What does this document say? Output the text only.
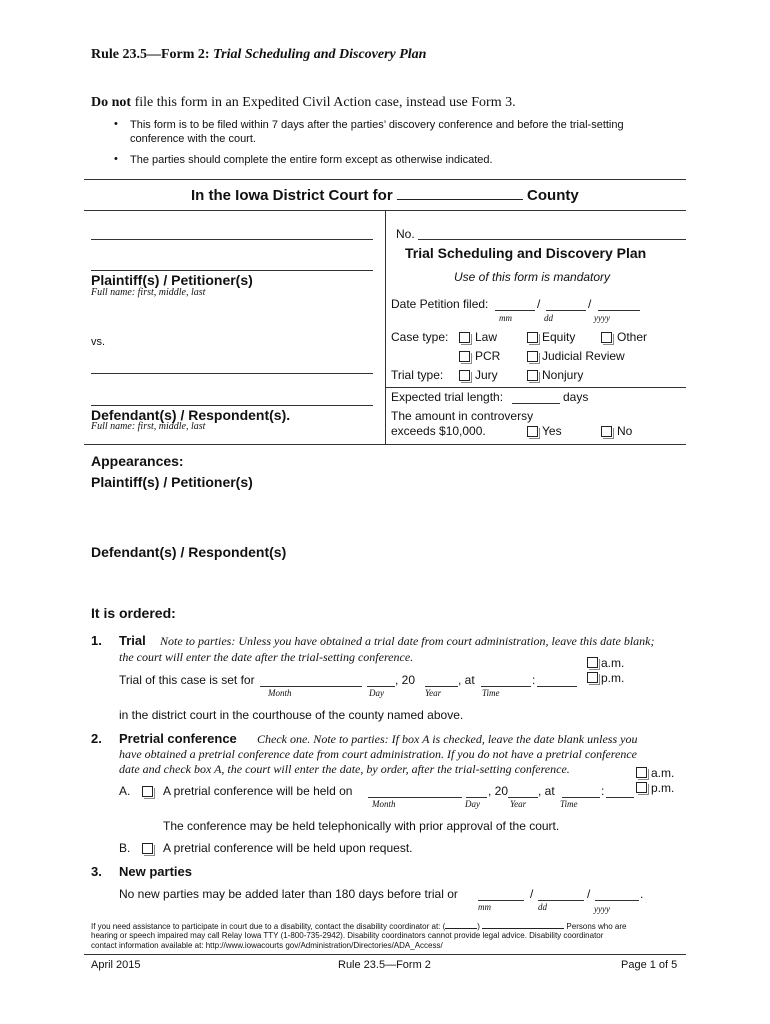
Rule 23.5—Form 2: Trial Scheduling and Discovery Plan
Do not file this form in an Expedited Civil Action case, instead use Form 3.
• This form is to be filed within 7 days after the parties’ discovery conference and before the trial-setting
conference with the court.
• The parties should complete the entire form except as otherwise indicated.
In the Iowa District Court for	County
Plaintiff(s) / Petitioner(s)
Full name: first, middle, last
vs.
Defendant(s) / Respondent(s).
Full name: first, middle, last
No.
Trial Scheduling and Discovery Plan
Use of this form is mandatory
Date Petition filed:	/	/
mm	dd	yyyy
Case type: Law	Equity	Other
PCR	Judicial Review
Trial type:	Jury	Nonjury
Expected trial length:	days
The amount in controversy
exceeds $10,000.	Yes	No
Appearances:
Plaintiff(s) / Petitioner(s)
Defendant(s) / Respondent(s)
It is ordered:
1. Trial Note to parties: Unless you have obtained a trial date from court administration, leave this date blank;
the court will enter the date after the trial-setting conference.	a.m.
p.m.
Trial of this case is set for	, 20	, at	:
Month	Day	Year	Time
in the district court in the courthouse of the county named above.
2. Pretrial conference Check one. Note to parties: If box A is checked, leave the date blank unless you
have obtained a pretrial conference date from court administration. If you do not have a pretrial conference
date and check box A, the court will enter the date, by order, after the trial-setting conference.	a.m.
p.m.
A.	A pretrial conference will be held on	, 20 , at	:
Month	Day	Year	Time
The conference may be held telephonically with prior approval of the court.
B.	A pretrial conference will be held upon request.
3. New parties
No new parties may be added later than 180 days before trial or	/	/	.
mm	dd	yyyy
If you need assistance to participate in court due to a disability, contact the disability coordinator at: (	)	Persons who are
hearing or speech impaired may call Relay Iowa TTY (1-800-735-2942). Disability coordinators cannot provide legal advice. Disability coordinator
contact information available at: http://www.iowacourts gov/Administration/Directories/ADA_Access/
April 2015	Rule 23.5—Form 2	Page 1 of 5
